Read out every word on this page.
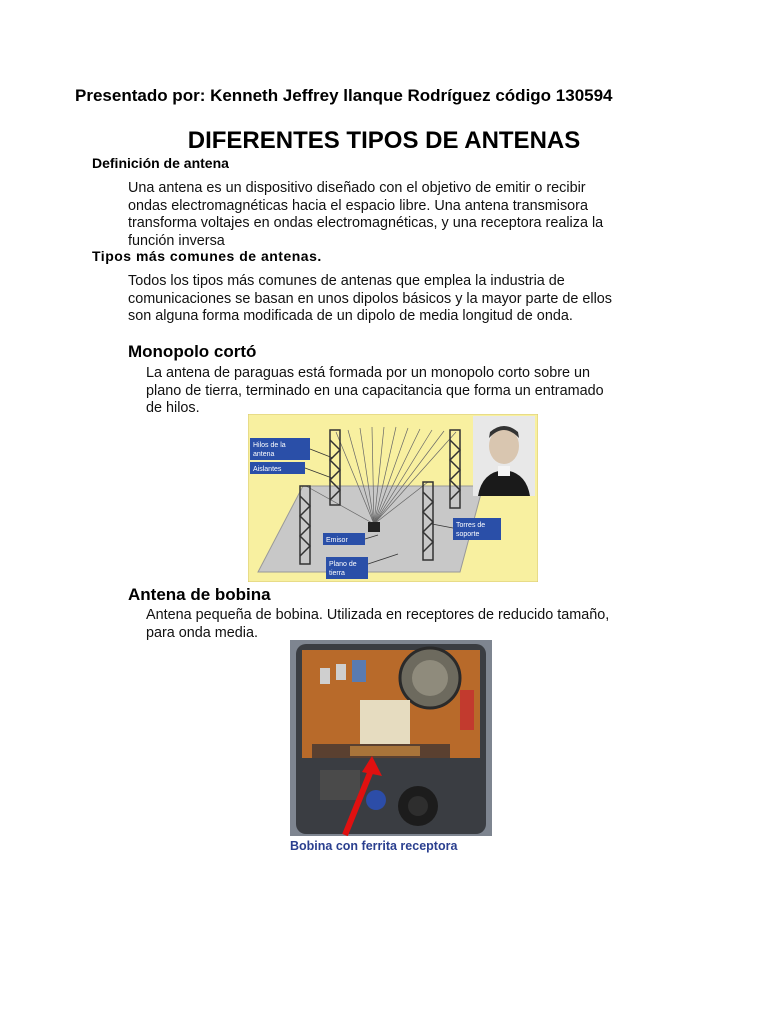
Presentado por: Kenneth Jeffrey llanque Rodríguez código 130594
DIFERENTES TIPOS DE ANTENAS
Definición de antena
Una antena es un dispositivo diseñado con el objetivo de emitir o recibir
ondas electromagnéticas hacia el espacio libre. Una antena transmisora
transforma voltajes en ondas electromagnéticas, y una receptora realiza la
función inversa
Tipos más comunes de antenas.
Todos los tipos más comunes de antenas que emplea la industria de
comunicaciones se basan en unos dipolos básicos y la mayor parte de ellos
son alguna forma modificada de un dipolo de media longitud de onda.
Monopolo cortó
La antena de paraguas está formada por un monopolo corto sobre un
plano de tierra, terminado en una capacitancia que forma un entramado
de hilos.
Hilos de la
antena
Aislantes
Torres de
soporte
Emisor
Plano de
tierra
Antena de bobina
Antena pequeña de bobina. Utilizada en receptores de reducido tamaño,
para onda media.
Bobina con ferrita receptora
